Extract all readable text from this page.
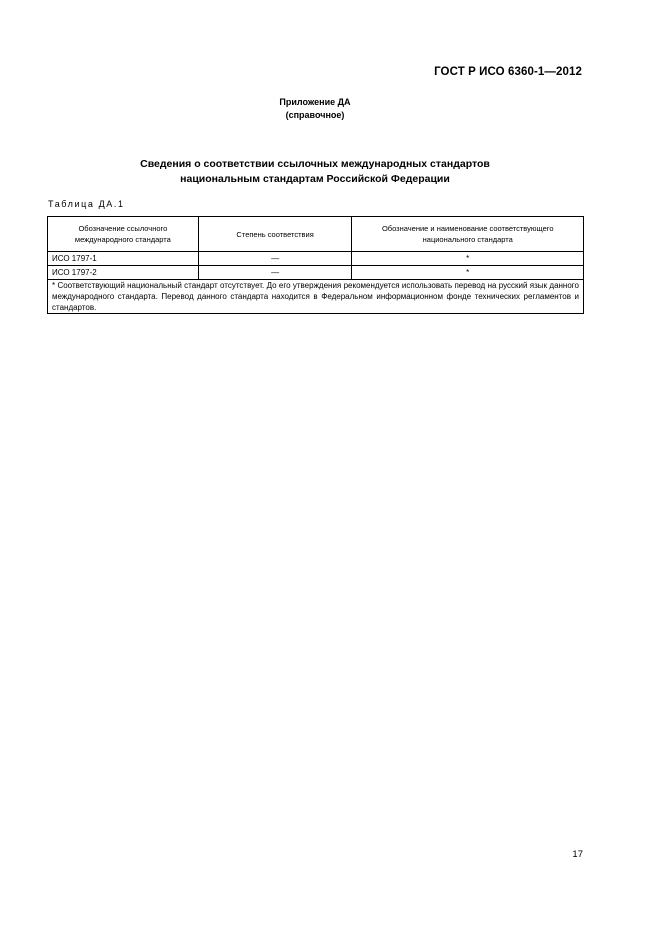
ГОСТ Р ИСО 6360-1—2012
Приложение ДА
(справочное)
Сведения о соответствии ссылочных международных стандартов
национальным стандартам Российской Федерации
Таблица ДА.1
Обозначение ссылочного международного стандарта	Степень соответствия	Обозначение и наименование соответствующего национального стандарта
ИСО 1797-1	—	*
ИСО 1797-2	—	*
* Соответствующий национальный стандарт отсутствует. До его утверждения рекомендуется использовать перевод на русский язык данного международного стандарта. Перевод данного стандарта находится в Федеральном информационном фонде технических регламентов и стандартов.		
17
